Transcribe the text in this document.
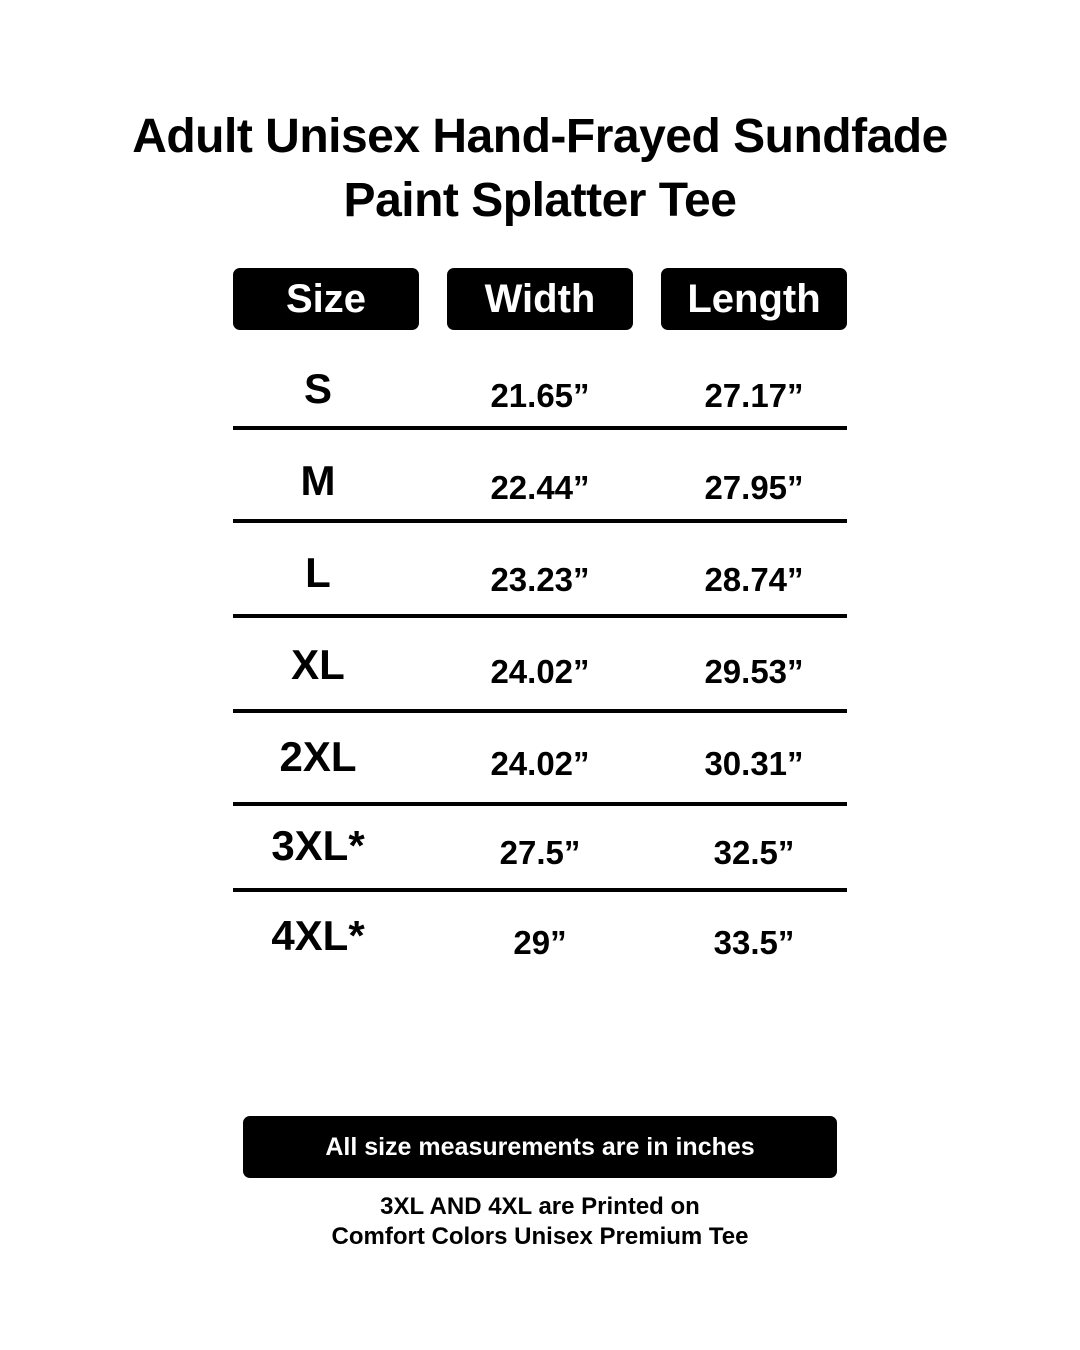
Adult Unisex Hand-Frayed Sundfade
Paint Splatter Tee
Size	Width	Length
S	21.65”	27.17”
M	22.44”	27.95”
L	23.23”	28.74”
XL	24.02”	29.53”
2XL	24.02”	30.31”
3XL*	27.5”	32.5”
4XL*	29”	33.5”
All size measurements are in inches
3XL AND 4XL are Printed on
Comfort Colors Unisex Premium Tee
